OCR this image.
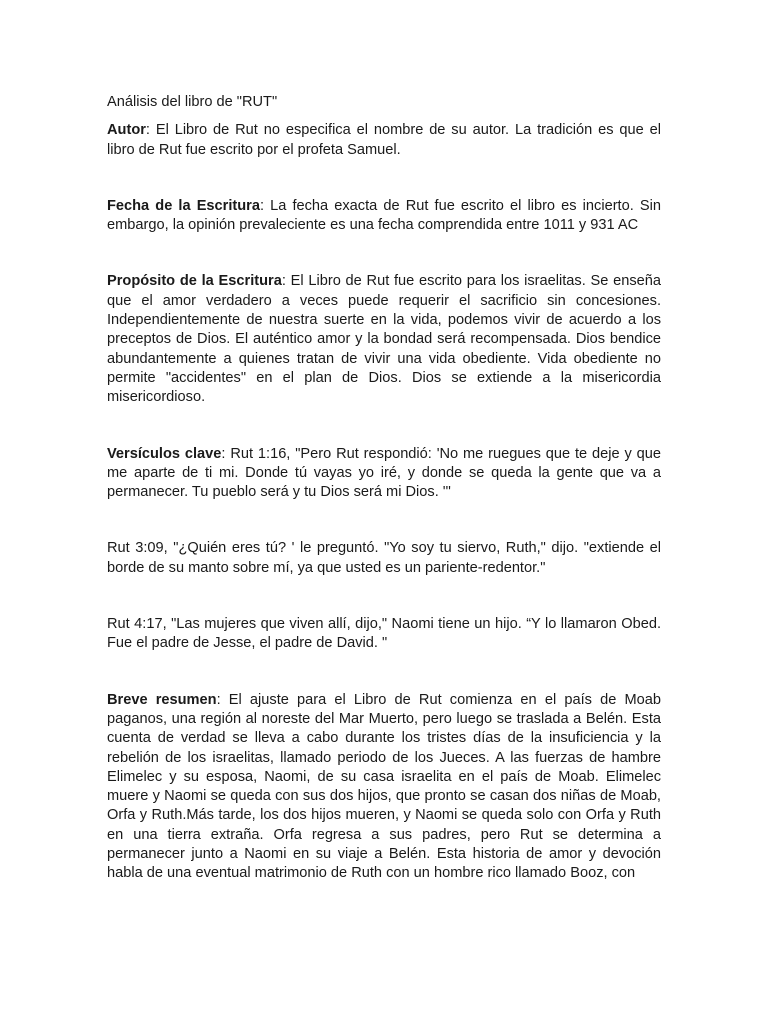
Análisis del libro de "RUT"

Autor: El Libro de Rut no especifica el nombre de su autor. La tradición es que el libro de Rut fue escrito por el profeta Samuel.

Fecha de la Escritura: La fecha exacta de Rut fue escrito el libro es incierto. Sin embargo, la opinión prevaleciente es una fecha comprendida entre 1011 y 931 AC

Propósito de la Escritura: El Libro de Rut fue escrito para los israelitas. Se enseña que el amor verdadero a veces puede requerir el sacrificio sin concesiones. Independientemente de nuestra suerte en la vida, podemos vivir de acuerdo a los preceptos de Dios. El auténtico amor y la bondad será recompensada. Dios bendice abundantemente a quienes tratan de vivir una vida obediente. Vida obediente no permite "accidentes" en el plan de Dios. Dios se extiende a la misericordia misericordioso.

Versículos clave: Rut 1:16, "Pero Rut respondió: 'No me ruegues que te deje y que me aparte de ti mi. Donde tú vayas yo iré, y donde se queda la gente que va a permanecer. Tu pueblo será y tu Dios será mi Dios. '"

Rut 3:09, "¿Quién eres tú? ' le preguntó. "Yo soy tu siervo, Ruth," dijo. "extiende el borde de su manto sobre mí, ya que usted es un pariente-redentor."

Rut 4:17, "Las mujeres que viven allí, dijo," Naomi tiene un hijo. “Y lo llamaron Obed. Fue el padre de Jesse, el padre de David. "

Breve resumen: El ajuste para el Libro de Rut comienza en el país de Moab paganos, una región al noreste del Mar Muerto, pero luego se traslada a Belén. Esta cuenta de verdad se lleva a cabo durante los tristes días de la insuficiencia y la rebelión de los israelitas, llamado periodo de los Jueces. A las fuerzas de hambre Elimelec y su esposa, Naomi, de su casa israelita en el país de Moab. Elimelec muere y Naomi se queda con sus dos hijos, que pronto se casan dos niñas de Moab, Orfa y Ruth.Más tarde, los dos hijos mueren, y Naomi se queda solo con Orfa y Ruth en una tierra extraña. Orfa regresa a sus padres, pero Rut se determina a permanecer junto a Naomi en su viaje a Belén. Esta historia de amor y devoción habla de una eventual matrimonio de Ruth con un hombre rico llamado Booz, con
